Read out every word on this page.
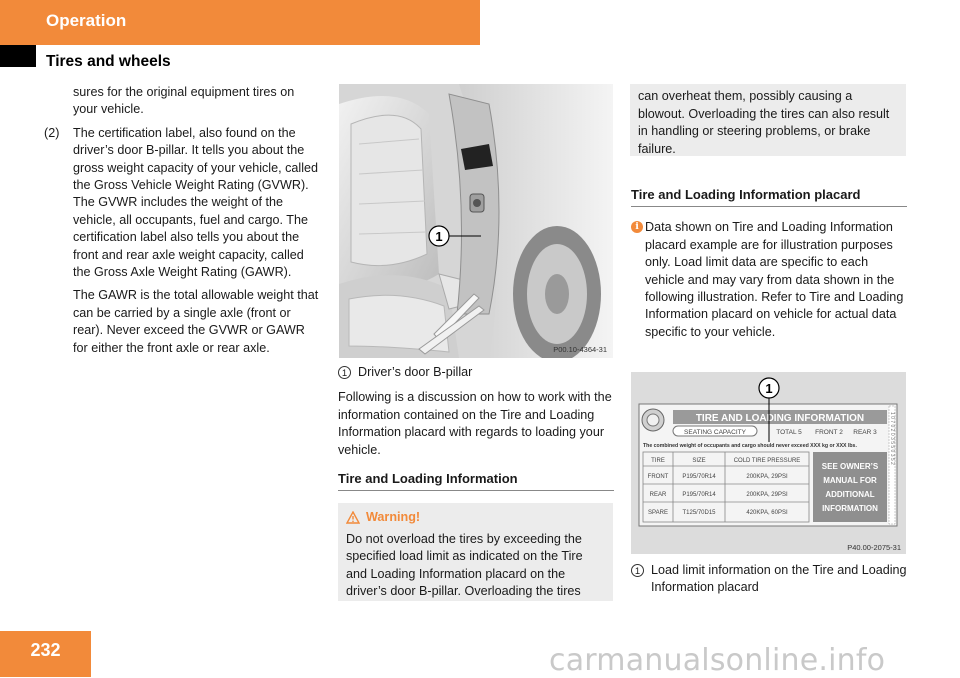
Operation
Tires and wheels

sures for the original equipment tires on your vehicle.

(2) The certification label, also found on the driver’s door B-pillar. It tells you about the gross weight capacity of your vehicle, called the Gross Vehicle Weight Rating (GVWR). The GVWR includes the weight of the vehicle, all occupants, fuel and cargo. The certification label also tells you about the front and rear axle weight capacity, called the Gross Axle Weight Rating (GAWR).

The GAWR is the total allowable weight that can be carried by a single axle (front or rear). Never exceed the GVWR or GAWR for either the front axle or rear axle.

1
P00.10-4364-31

1 Driver’s door B-pillar

Following is a discussion on how to work with the information contained on the Tire and Loading Information placard with regards to loading your vehicle.

Tire and Loading Information

Warning!
Do not overload the tires by exceeding the specified load limit as indicated on the Tire and Loading Information placard on the driver’s door B-pillar. Overloading the tires
can overheat them, possibly causing a blowout. Overloading the tires can also result in handling or steering problems, or brake failure.

Tire and Loading Information placard

i Data shown on Tire and Loading Information placard example are for illustration purposes only. Load limit data are specific to each vehicle and may vary from data shown in the following illustration. Refer to Tire and Loading Information placard on vehicle for actual data specific to your vehicle.

TIRE AND LOADING INFORMATION
SEATING CAPACITY	TOTAL 5 FRONT 2 REAR 3
The combined weight of occupants and cargo should never exceed XXX kg or XXX lbs.
TIRE	SIZE	COLD TIRE PRESSURE
FRONT P195/70R14	200KPA, 29PSI
REAR	P195/70R14	200KPA, 29PSI
SPARE T125/70D15	420KPA, 60PSI
SEE OWNER’S
MANUAL FOR
ADDITIONAL
INFORMATION
1 0 7 0 2 0 3 5 5 0 3 5 2
1
P40.00-2075-31

1 Load limit information on the Tire and Loading Information placard

232	carmanualsonline.info
